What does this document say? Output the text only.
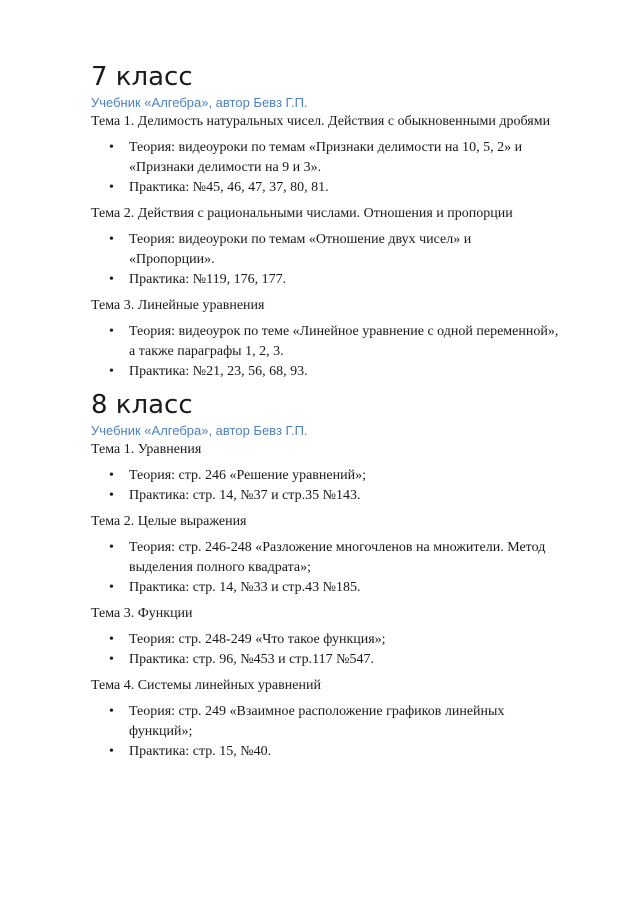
7 класс

Учебник «Алгебра», автор Бевз Г.П.

Тема 1. Делимость натуральных чисел. Действия с обыкновенными дробями

• Теория: видеоуроки по темам «Признаки делимости на 10, 5, 2» и
«Признаки делимости на 9 и 3».
• Практика: №45, 46, 47, 37, 80, 81.

Тема 2. Действия с рациональными числами. Отношения и пропорции

• Теория: видеоуроки по темам «Отношение двух чисел» и
«Пропорции».
• Практика: №119, 176, 177.

Тема 3. Линейные уравнения

• Теория: видеоурок по теме «Линейное уравнение с одной переменной»,
а также параграфы 1, 2, 3.
• Практика: №21, 23, 56, 68, 93.
8 класс

Учебник «Алгебра», автор Бевз Г.П.

Тема 1. Уравнения

• Теория: стр. 246 «Решение уравнений»;
• Практика: стр. 14, №37 и стр.35 №143.

Тема 2. Целые выражения

• Теория: стр. 246-248 «Разложение многочленов на множители. Метод
выделения полного квадрата»;
• Практика: стр. 14, №33 и стр.43 №185.

Тема 3. Функции

• Теория: стр. 248-249 «Что такое функция»;
• Практика: стр. 96, №453 и стр.117 №547.

Тема 4. Системы линейных уравнений

• Теория: стр. 249 «Взаимное расположение графиков линейных
функций»;
• Практика: стр. 15, №40.
